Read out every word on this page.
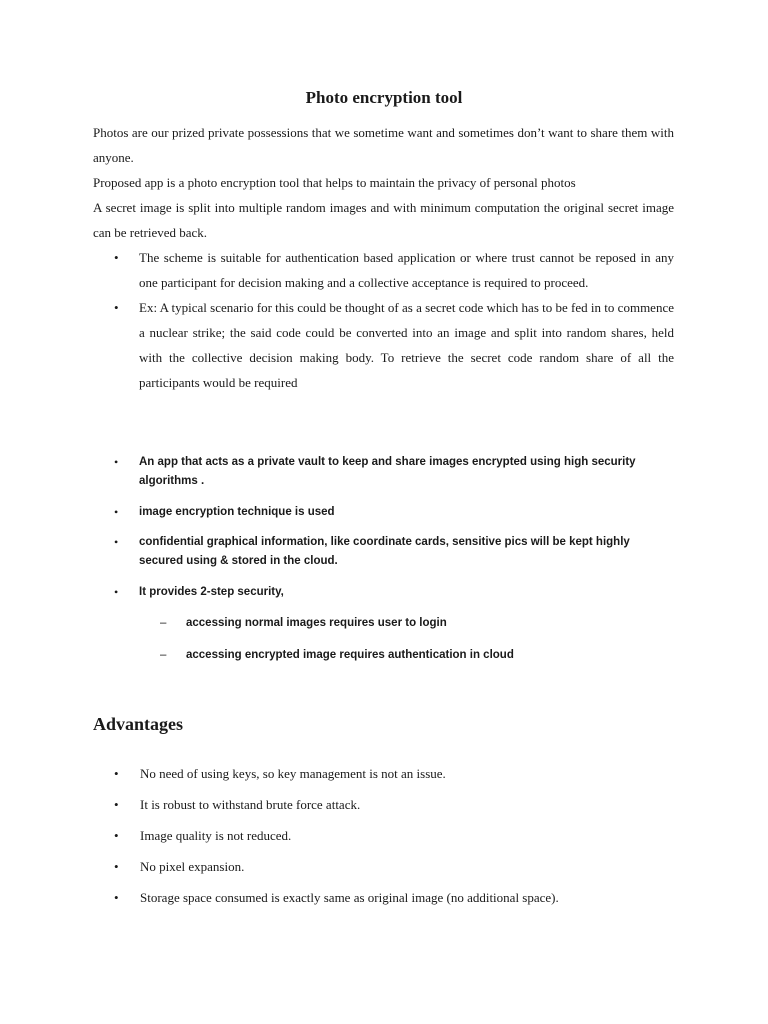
Photo encryption tool
Photos are our prized private possessions that we sometime want and sometimes don’t want to share them with anyone.
Proposed app is a photo encryption tool that helps to maintain the privacy of personal photos
A secret image is split into multiple random images and with minimum computation the original secret image can be retrieved back.
• The scheme is suitable for authentication based application or where trust cannot be reposed in any one participant for decision making and a collective acceptance is required to proceed.
• Ex: A typical scenario for this could be thought of as a secret code which has to be fed in to commence a nuclear strike; the said code could be converted into an image and split into random shares, held with the collective decision making body. To retrieve the secret code random share of all the participants would be required
• An app that acts as a private vault to keep and share images encrypted using high security algorithms .
• image encryption technique is used
• confidential graphical information, like coordinate cards, sensitive pics will be kept highly secured using & stored in the cloud.
• It provides 2-step security,
– accessing normal images requires user to login
– accessing encrypted image requires authentication in cloud
Advantages
• No need of using keys, so key management is not an issue.
• It is robust to withstand brute force attack.
• Image quality is not reduced.
• No pixel expansion.
• Storage space consumed is exactly same as original image (no additional space).
